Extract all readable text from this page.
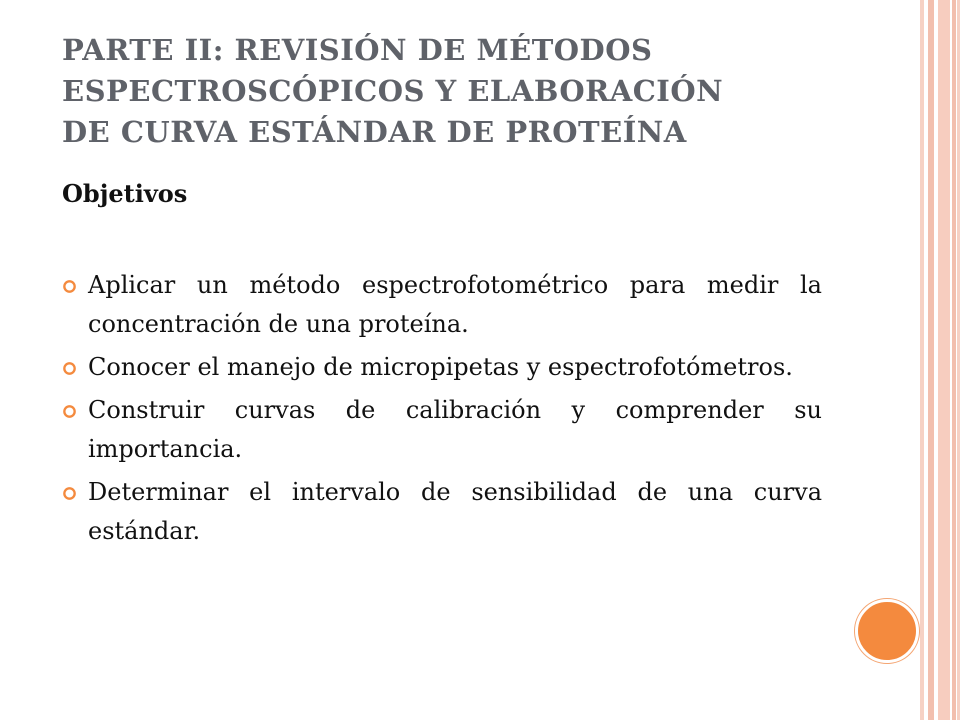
PARTE II: REVISIÓN DE MÉTODOS
ESPECTROSCÓPICOS Y ELABORACIÓN
DE CURVA ESTÁNDAR DE PROTEÍNA
Objetivos
Aplicar un método espectrofotométrico para medir la concentración de una proteína.
Conocer el manejo de micropipetas y espectrofotómetros.
Construir curvas de calibración y comprender su importancia.
Determinar el intervalo de sensibilidad de una curva estándar.
